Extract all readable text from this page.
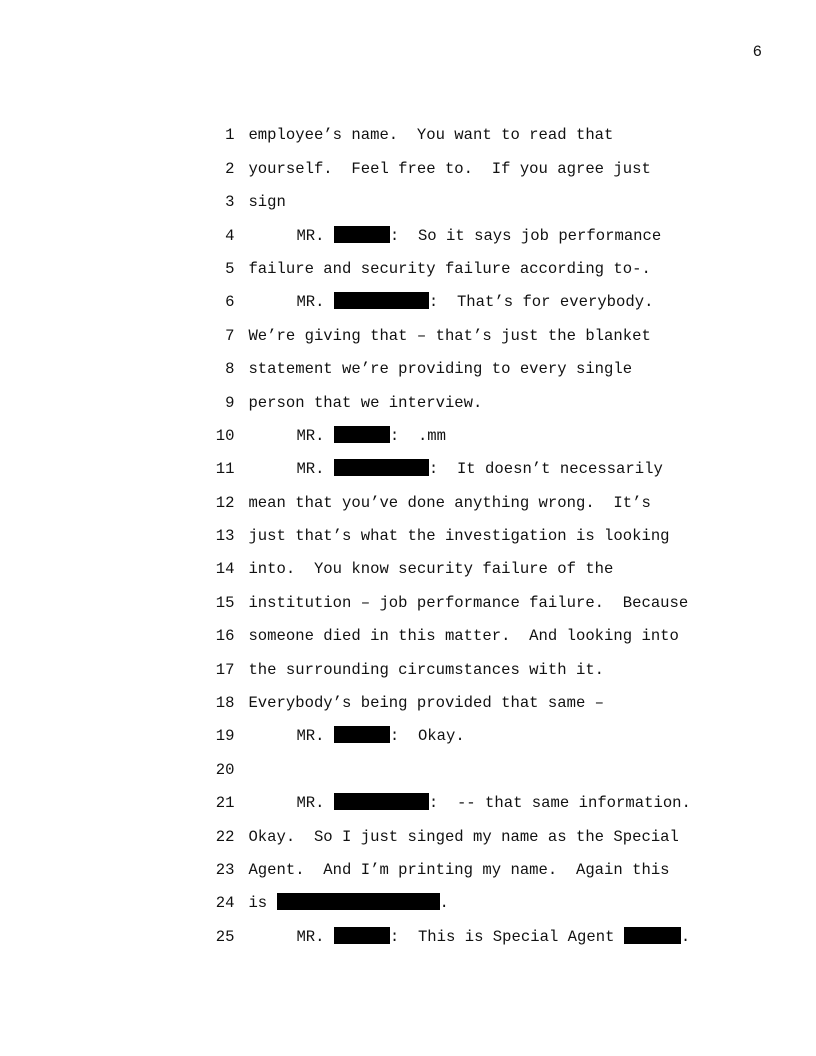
6

1 employee’s name.  You want to read that

2 yourself.  Feel free to.  If you agree just

3 sign

4	MR.	:  So it says job performance

5 failure and security failure according to-.

6	MR.	:  That’s for everybody.

7 We’re giving that – that’s just the blanket

8 statement we’re providing to every single

9 person that we interview.

10	MR.	:  .mm

11	MR.	:  It doesn’t necessarily

12 mean that you’ve done anything wrong.  It’s

13 just that’s what the investigation is looking

14 into.  You know security failure of the

15 institution – job performance failure.  Because

16 someone died in this matter.  And looking into

17 the surrounding circumstances with it.

18 Everybody’s being provided that same –

19	MR.	:  Okay.

20

21	MR.	:  -- that same information.

22 Okay.  So I just singed my name as the Special

23 Agent.  And I’m printing my name.  Again this

24 is	.

25	MR.	:  This is Special Agent	.
